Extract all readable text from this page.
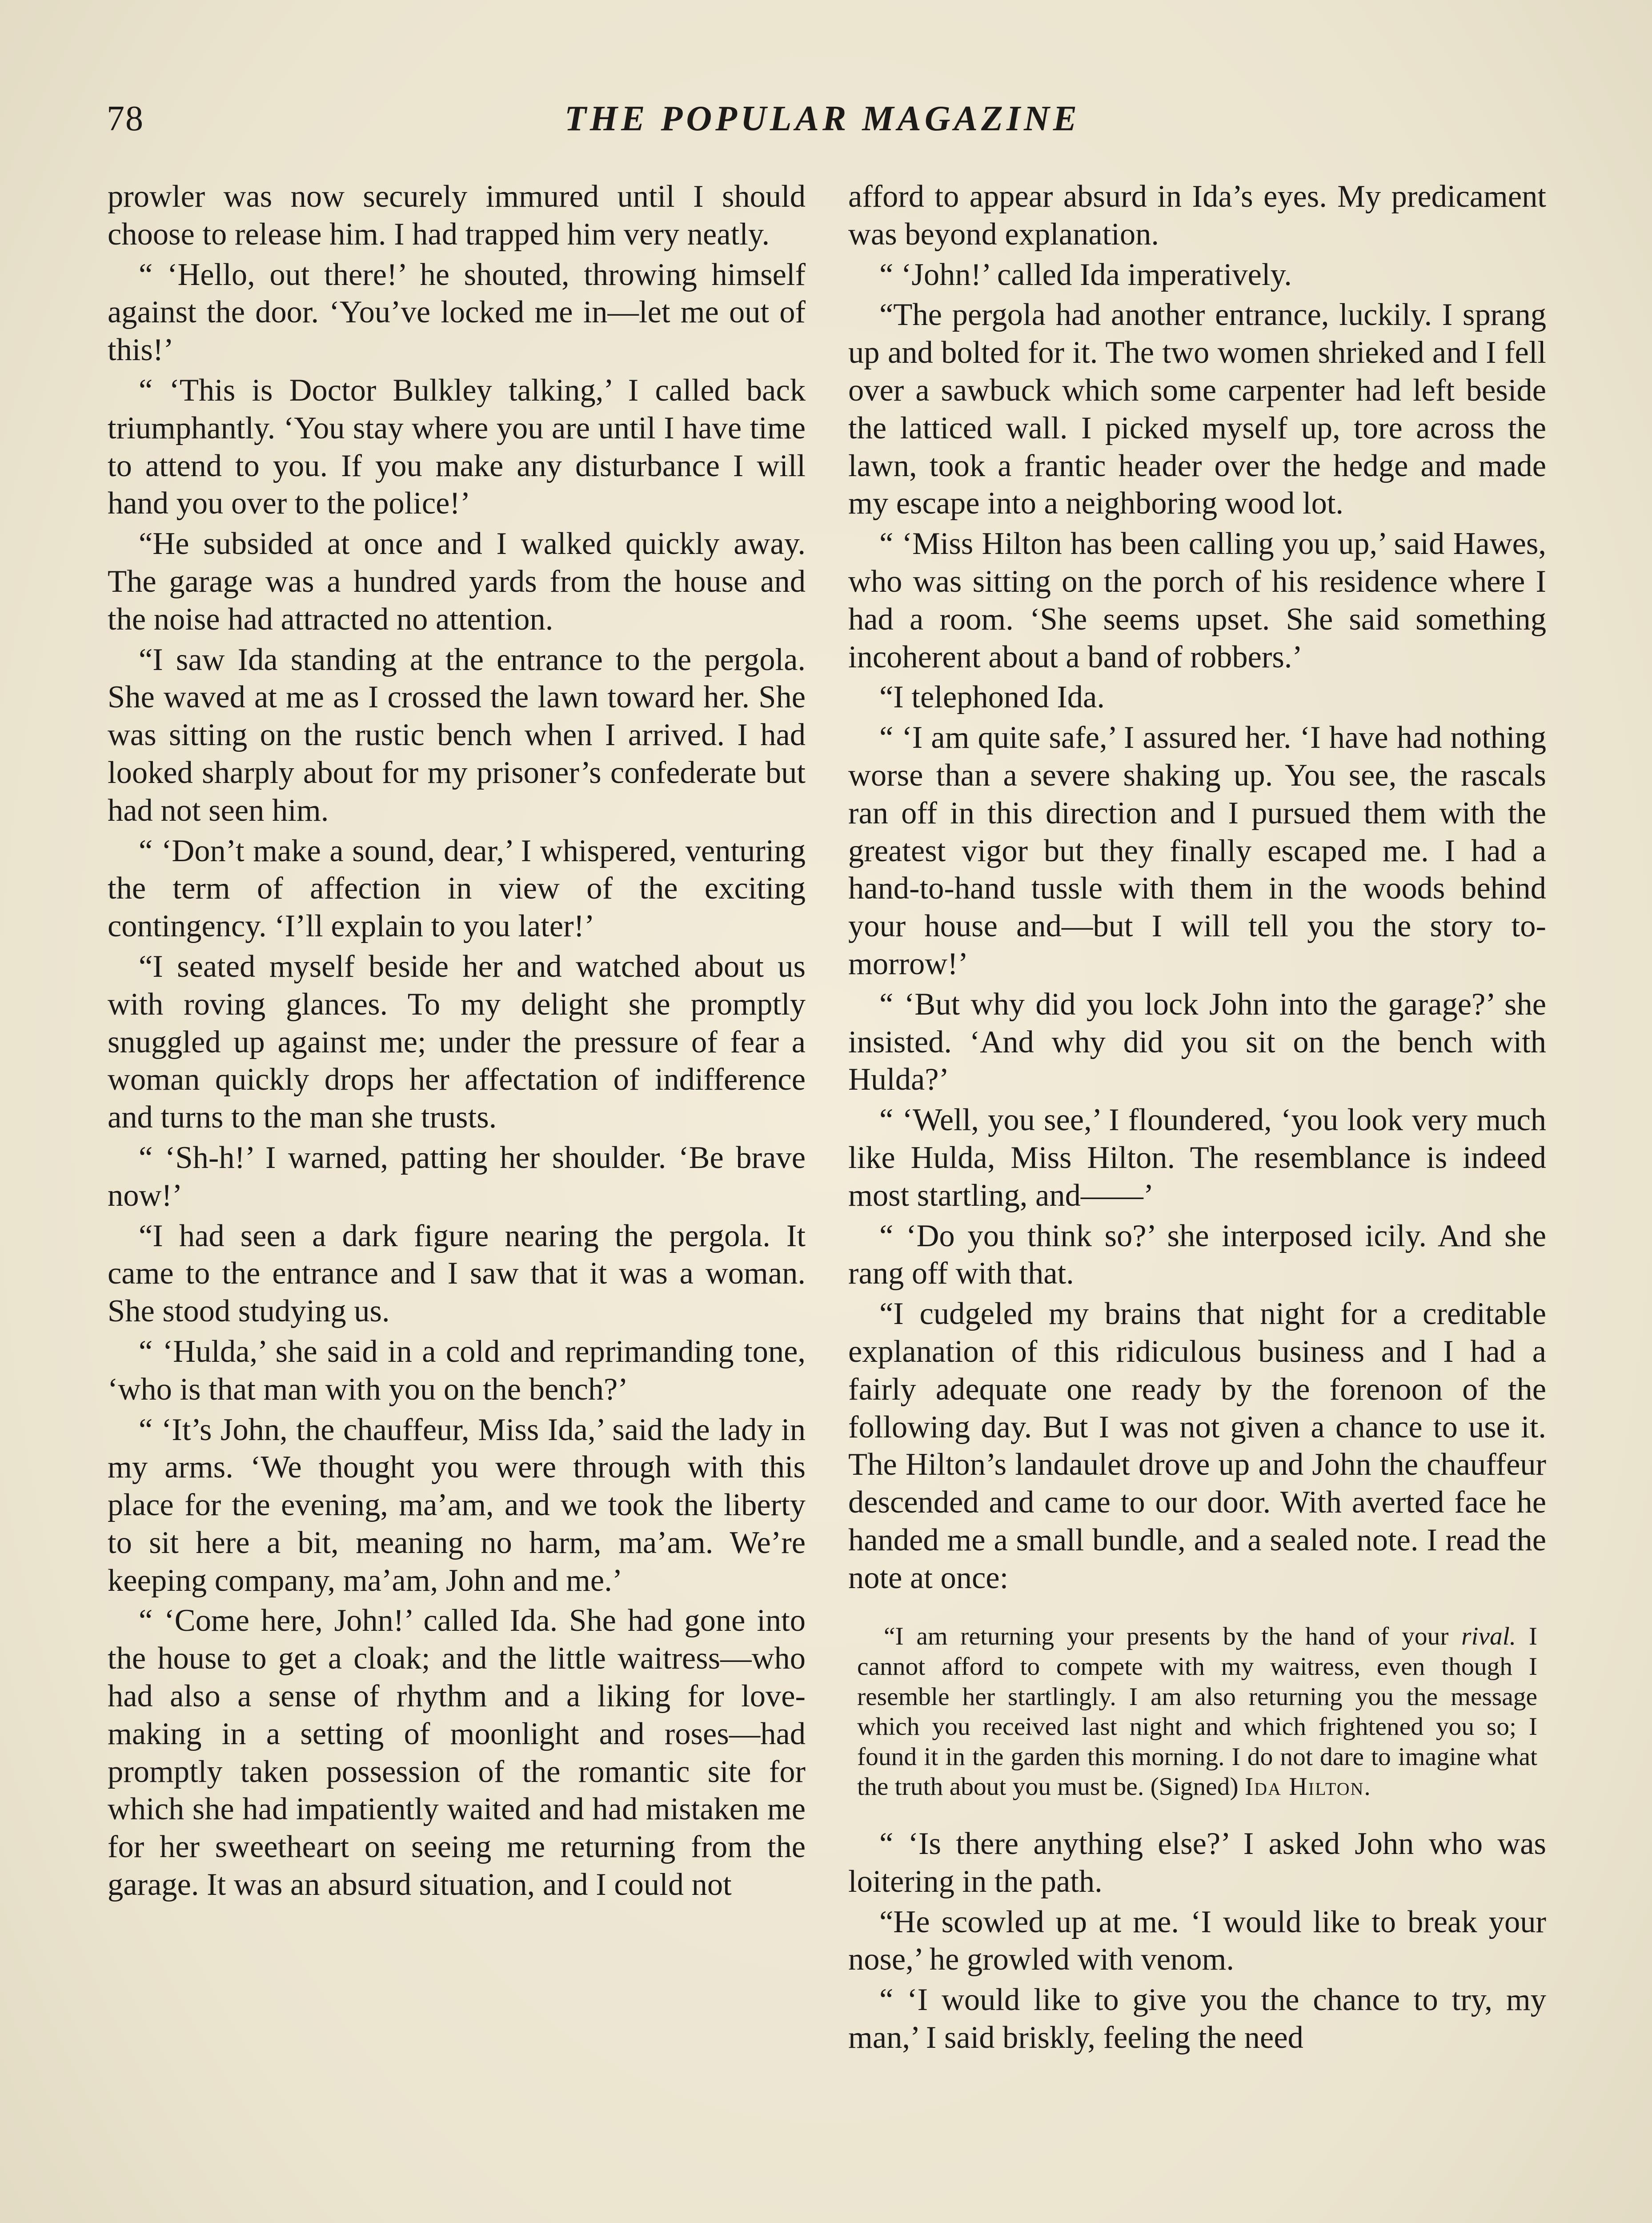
78	THE POPULAR MAGAZINE

prowler was now securely immured until I should choose to release him. I had trapped him very neatly.

“ ‘Hello, out there!’ he shouted, throwing himself against the door. ‘You’ve locked me in—let me out of this!’

“ ‘This is Doctor Bulkley talking,’ I called back triumphantly. ‘You stay where you are until I have time to attend to you. If you make any disturbance I will hand you over to the police!’

“He subsided at once and I walked quickly away. The garage was a hundred yards from the house and the noise had attracted no attention.

“I saw Ida standing at the entrance to the pergola. She waved at me as I crossed the lawn toward her. She was sitting on the rustic bench when I arrived. I had looked sharply about for my prisoner’s confederate but had not seen him.

“ ‘Don’t make a sound, dear,’ I whispered, venturing the term of affection in view of the exciting contingency. ‘I’ll explain to you later!’

“I seated myself beside her and watched about us with roving glances. To my delight she promptly snuggled up against me; under the pressure of fear a woman quickly drops her affectation of indifference and turns to the man she trusts.

“ ‘Sh-h!’ I warned, patting her shoulder. ‘Be brave now!’

“I had seen a dark figure nearing the pergola. It came to the entrance and I saw that it was a woman. She stood studying us.

“ ‘Hulda,’ she said in a cold and reprimanding tone, ‘who is that man with you on the bench?’

“ ‘It’s John, the chauffeur, Miss Ida,’ said the lady in my arms. ‘We thought you were through with this place for the evening, ma’am, and we took the liberty to sit here a bit, meaning no harm, ma’am. We’re keeping company, ma’am, John and me.’

“ ‘Come here, John!’ called Ida. She had gone into the house to get a cloak; and the little waitress—who had also a sense of rhythm and a liking for love-making in a setting of moonlight and roses—had promptly taken possession of the romantic site for which she had impatiently waited and had mistaken me for her sweetheart on seeing me returning from the garage. It was an absurd situation, and I could not

afford to appear absurd in Ida’s eyes. My predicament was beyond explanation.

“ ‘John!’ called Ida imperatively.

“The pergola had another entrance, luckily. I sprang up and bolted for it. The two women shrieked and I fell over a sawbuck which some carpenter had left beside the latticed wall. I picked myself up, tore across the lawn, took a frantic header over the hedge and made my escape into a neighboring wood lot.

“ ‘Miss Hilton has been calling you up,’ said Hawes, who was sitting on the porch of his residence where I had a room. ‘She seems upset. She said something incoherent about a band of robbers.’

“I telephoned Ida.

“ ‘I am quite safe,’ I assured her. ‘I have had nothing worse than a severe shaking up. You see, the rascals ran off in this direction and I pursued them with the greatest vigor but they finally escaped me. I had a hand-to-hand tussle with them in the woods behind your house and—but I will tell you the story to-morrow!’

“ ‘But why did you lock John into the garage?’ she insisted. ‘And why did you sit on the bench with Hulda?’

“ ‘Well, you see,’ I floundered, ‘you look very much like Hulda, Miss Hilton. The resemblance is indeed most startling, and——’

“ ‘Do you think so?’ she interposed icily. And she rang off with that.

“I cudgeled my brains that night for a creditable explanation of this ridiculous business and I had a fairly adequate one ready by the forenoon of the following day. But I was not given a chance to use it. The Hilton’s landaulet drove up and John the chauffeur descended and came to our door. With averted face he handed me a small bundle, and a sealed note. I read the note at once:

“I am returning your presents by the hand of your rival. I cannot afford to compete with my waitress, even though I resemble her startlingly. I am also returning you the message which you received last night and which frightened you so; I found it in the garden this morning. I do not dare to imagine what the truth about you must be. (Signed) Ida Hilton.

“ ‘Is there anything else?’ I asked John who was loitering in the path.

“He scowled up at me. ‘I would like to break your nose,’ he growled with venom.

“ ‘I would like to give you the chance to try, my man,’ I said briskly, feeling the need
